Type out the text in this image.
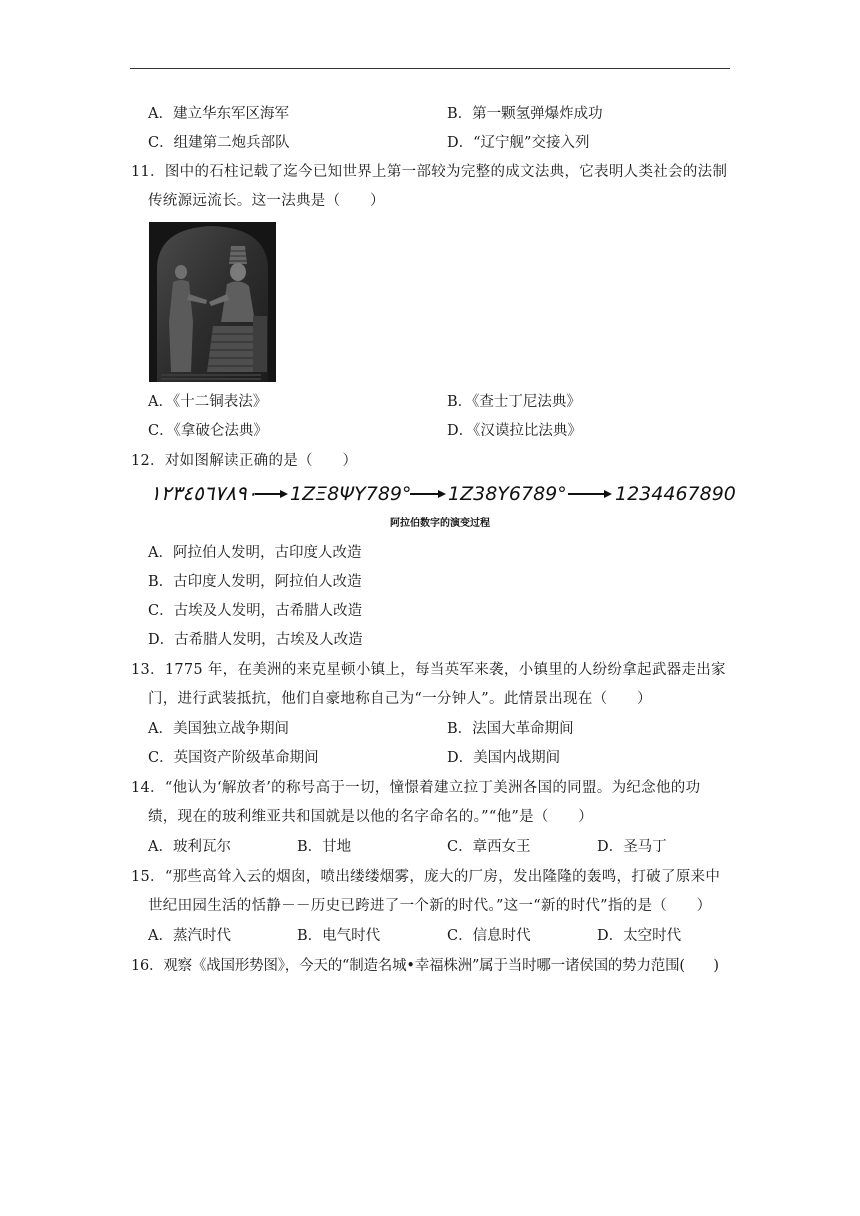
A．建立华东军区海军	B．第一颗氢弹爆炸成功
C．组建第二炮兵部队	D．“辽宁舰”交接入列
11．图中的石柱记载了迄今已知世界上第一部较为完整的成文法典，它表明人类社会的法制
传统源远流长。这一法典是（　　）
A．《十二铜表法》	B．《查士丁尼法典》
C．《拿破仑法典》	D．《汉谟拉比法典》
12．对如图解读正确的是（　　）
١٢٣٤٥٦٧٨٩٠ 1ΖΞ8ΨΥ789° 1Z38Y6789°	1234467890
阿拉伯数字的演变过程
A．阿拉伯人发明，古印度人改造
B．古印度人发明，阿拉伯人改造
C．古埃及人发明，古希腊人改造
D．古希腊人发明，古埃及人改造
13．1775 年，在美洲的来克星顿小镇上，每当英军来袭，小镇里的人纷纷拿起武器走出家
门，进行武装抵抗，他们自豪地称自己为“一分钟人”。此情景出现在（　　）
A．美国独立战争期间	B．法国大革命期间
C．英国资产阶级革命期间	D．美国内战期间
14．“他认为‘解放者’的称号高于一切，憧憬着建立拉丁美洲各国的同盟。为纪念他的功
绩，现在的玻利维亚共和国就是以他的名字命名的。”“他”是（　　）
A．玻利瓦尔	B．甘地	C．章西女王	D．圣马丁
15．“那些高耸入云的烟囱，喷出缕缕烟雾，庞大的厂房，发出隆隆的轰鸣，打破了原来中
世纪田园生活的恬静－－历史已跨进了一个新的时代。”这一“新的时代”指的是（　　）
A．蒸汽时代	B．电气时代	C．信息时代	D．太空时代
16．观察《战国形势图》，今天的“制造名城•幸福株洲”属于当时哪一诸侯国的势力范围(　　)
